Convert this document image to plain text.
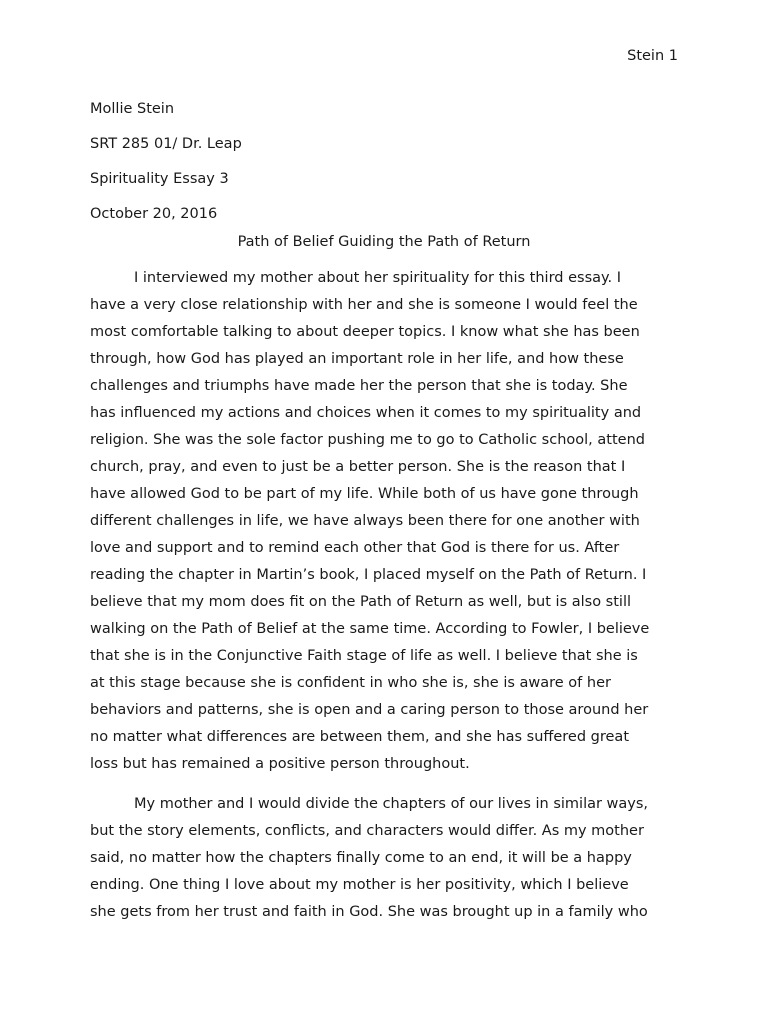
Stein 1
Mollie Stein
SRT 285 01/ Dr. Leap
Spirituality Essay 3
October 20, 2016
Path of Belief Guiding the Path of Return
I interviewed my mother about her spirituality for this third essay. I
have a very close relationship with her and she is someone I would feel the
most comfortable talking to about deeper topics. I know what she has been
through, how God has played an important role in her life, and how these
challenges and triumphs have made her the person that she is today. She
has influenced my actions and choices when it comes to my spirituality and
religion. She was the sole factor pushing me to go to Catholic school, attend
church, pray, and even to just be a better person. She is the reason that I
have allowed God to be part of my life. While both of us have gone through
different challenges in life, we have always been there for one another with
love and support and to remind each other that God is there for us. After
reading the chapter in Martin’s book, I placed myself on the Path of Return. I
believe that my mom does fit on the Path of Return as well, but is also still
walking on the Path of Belief at the same time. According to Fowler, I believe
that she is in the Conjunctive Faith stage of life as well. I believe that she is
at this stage because she is confident in who she is, she is aware of her
behaviors and patterns, she is open and a caring person to those around her
no matter what differences are between them, and she has suffered great
loss but has remained a positive person throughout.
My mother and I would divide the chapters of our lives in similar ways,
but the story elements, conflicts, and characters would differ. As my mother
said, no matter how the chapters finally come to an end, it will be a happy
ending. One thing I love about my mother is her positivity, which I believe
she gets from her trust and faith in God. She was brought up in a family who
